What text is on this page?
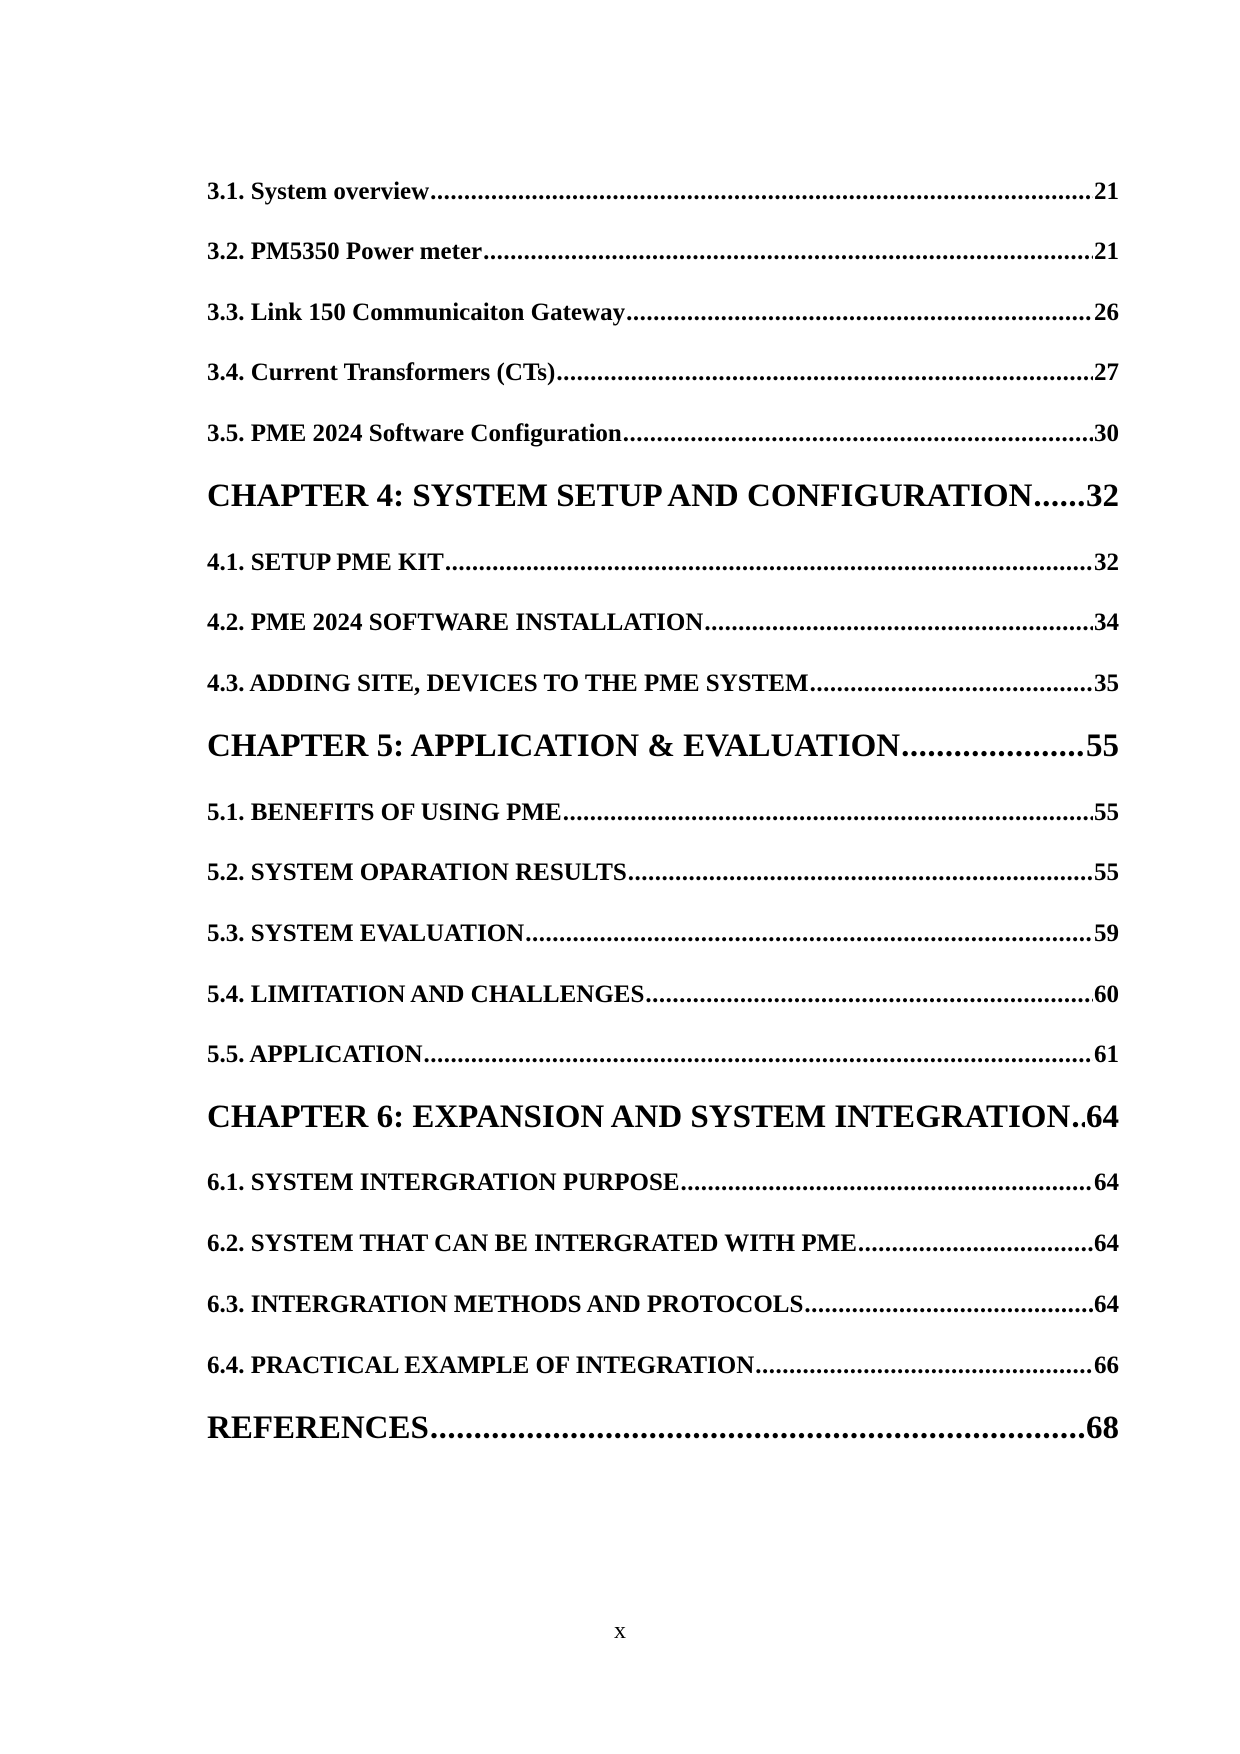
3.1. System overview .....	21
3.2. PM5350 Power meter .....	21
3.3. Link 150 Communicaiton Gateway .....	26
3.4. Current Transformers (CTs) .....	27
3.5. PME 2024 Software Configuration .....	30
CHAPTER 4: SYSTEM SETUP AND CONFIGURATION ..... 32
4.1. SETUP PME KIT .....	32
4.2. PME 2024 SOFTWARE INSTALLATION .....	34
4.3. ADDING SITE, DEVICES TO THE PME SYSTEM .....	35
CHAPTER 5: APPLICATION & EVALUATION .....	55
5.1. BENEFITS OF USING PME .....	55
5.2. SYSTEM OPARATION RESULTS .....	55
5.3. SYSTEM EVALUATION .....	59
5.4. LIMITATION AND CHALLENGES .....	60
5.5. APPLICATION .....	61
CHAPTER 6: EXPANSION AND SYSTEM INTEGRATION ..... 64
6.1. SYSTEM INTERGRATION PURPOSE .....	64
6.2. SYSTEM THAT CAN BE INTERGRATED WITH PME .....	64
6.3. INTERGRATION METHODS AND PROTOCOLS .....	64
6.4. PRACTICAL EXAMPLE OF INTEGRATION .....	66
REFERENCES .....	68
x
